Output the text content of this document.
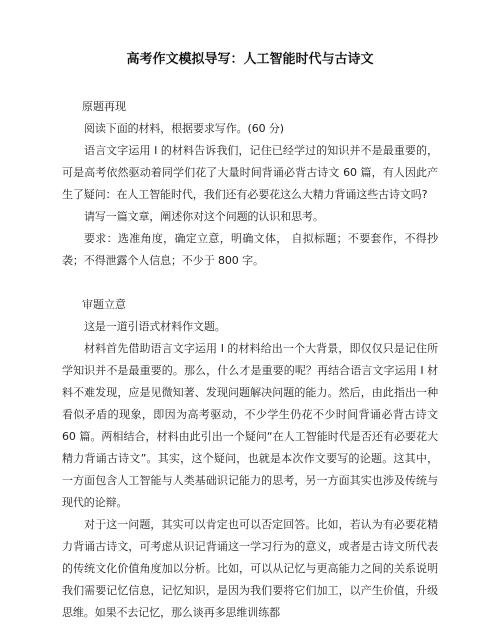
高考作文模拟导写：人工智能时代与古诗文

原题再现

阅读下面的材料，根据要求写作。(60 分)

语言文字运用 I 的材料告诉我们，记住已经学过的知识并不是最重要的，可是高考依然驱动着同学们花了大量时间背诵必背古诗文 60 篇，有人因此产生了疑问：在人工智能时代，我们还有必要花这么大精力背诵这些古诗文吗?

请写一篇文章，阐述你对这个问题的认识和思考。

要求：选准角度，确定立意，明确文体， 自拟标题；不要套作，不得抄袭；不得泄露个人信息；不少于 800 字。

审题立意

这是一道引语式材料作文题。

材料首先借助语言文字运用 I 的材料给出一个大背景，即仅仅只是记住所学知识并不是最重要的。那么，什么才是重要的呢？再结合语言文字运用 I 材料不难发现，应是见微知著、发现问题解决问题的能力。然后，由此指出一种看似矛盾的现象，即因为高考驱动，不少学生仍花不少时间背诵必背古诗文 60 篇。两相结合，材料由此引出一个疑问“在人工智能时代是否还有必要花大精力背诵古诗文”。其实，这个疑问，也就是本次作文要写的论题。这其中，一方面包含人工智能与人类基础识记能力的思考，另一方面其实也涉及传统与现代的论辩。

对于这一问题，其实可以肯定也可以否定回答。比如，若认为有必要花精力背诵古诗文，可考虑从识记背诵这一学习行为的意义，或者是古诗文所代表的传统文化价值角度加以分析。比如，可以从记忆与更高能力之间的关系说明我们需要记忆信息，记忆知识，是因为我们要将它们加工，以产生价值，升级思维。如果不去记忆，那么谈再多思维训练都
